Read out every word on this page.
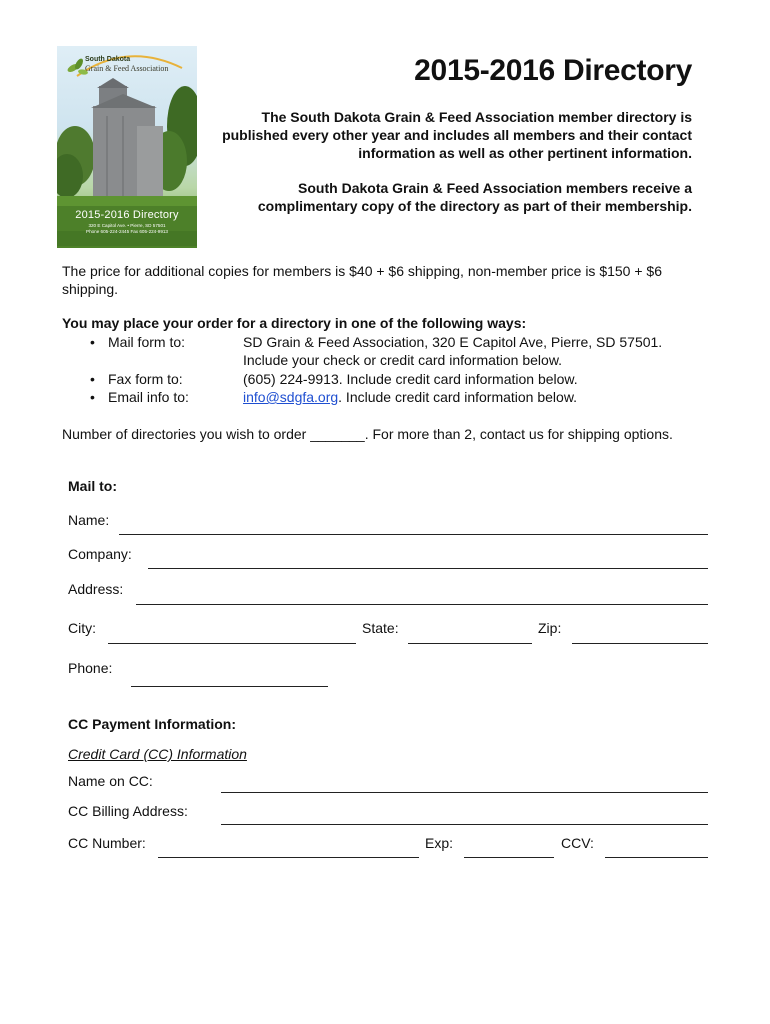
South Dakota
Grain & Feed Association
2015-2016 Directory
320 E Capitol Ave. • Pierre, SD 57501
Phone 605-224-2445 Fax 605-224-9913
2015-2016 Directory
The South Dakota Grain & Feed Association member directory is published every other year and includes all members and their contact information as well as other pertinent information.
South Dakota Grain & Feed Association members receive a complimentary copy of the directory as part of their membership.
The price for additional copies for members is $40 + $6 shipping, non-member price is $150 + $6 shipping.
You may place your order for a directory in one of the following ways:
• Mail form to:	SD Grain & Feed Association, 320 E Capitol Ave, Pierre, SD 57501. Include your check or credit card information below.
• Fax form to:	(605) 224-9913. Include credit card information below.
• Email info to:	info@sdgfa.org. Include credit card information below.
Number of directories you wish to order _______. For more than 2, contact us for shipping options.
Mail to:
Name:
Company:
Address:
City:	State:	Zip:
Phone:
CC Payment Information:
Credit Card (CC) Information
Name on CC:
CC Billing Address:
CC Number:	Exp:	CCV:
